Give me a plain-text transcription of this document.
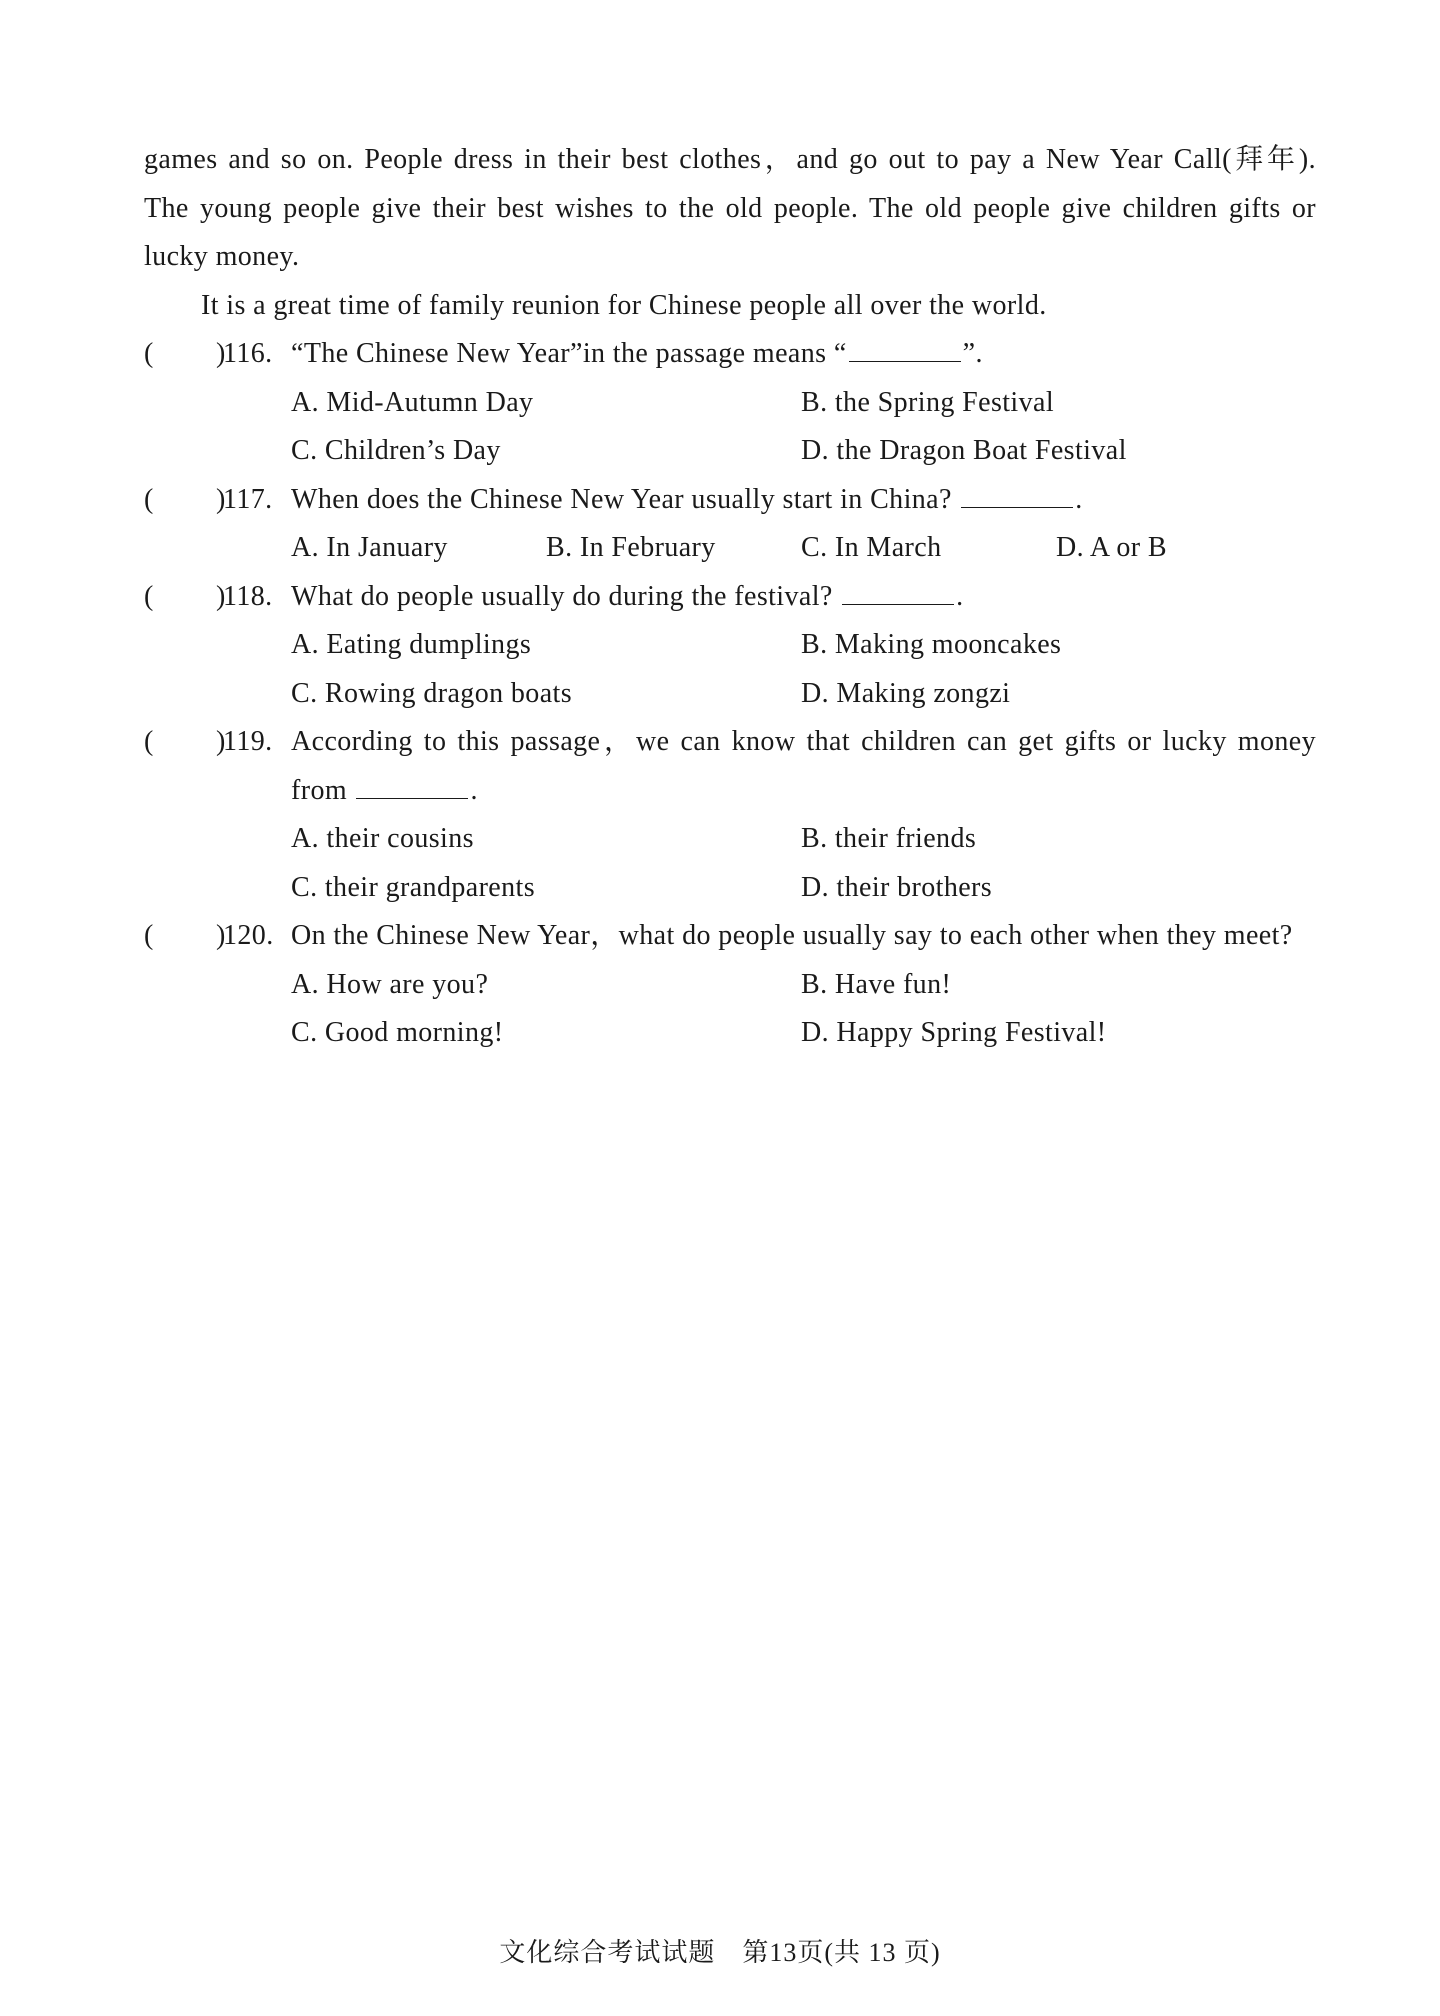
games and so on. People dress in their best clothes，and go out to pay a New Year Call(拜年).

The young people give their best wishes to the old people. The old people give children gifts or

lucky money.

It is a great time of family reunion for Chinese people all over the world.

( )
116. “The Chinese New Year”in the passage means “	”.
A. Mid-Autumn Day	B. the Spring Festival
C. Children’s Day	D. the Dragon Boat Festival
( )
117. When does the Chinese New Year usually start in China?	.
A. In January	B. In February	C. In March	D. A or B
( )
118. What do people usually do during the festival?	.
A. Eating dumplings	B. Making mooncakes
C. Rowing dragon boats	D. Making zongzi
( )
119. According to this passage，we can know that children can get gifts or lucky money from	.
A. their cousins	B. their friends
C. their grandparents	D. their brothers
( )
120. On the Chinese New Year，what do people usually say to each other when they meet?
A. How are you?	B. Have fun!
C. Good morning!	D. Happy Spring Festival!
文化综合考试试题　第13页(共 13 页)
